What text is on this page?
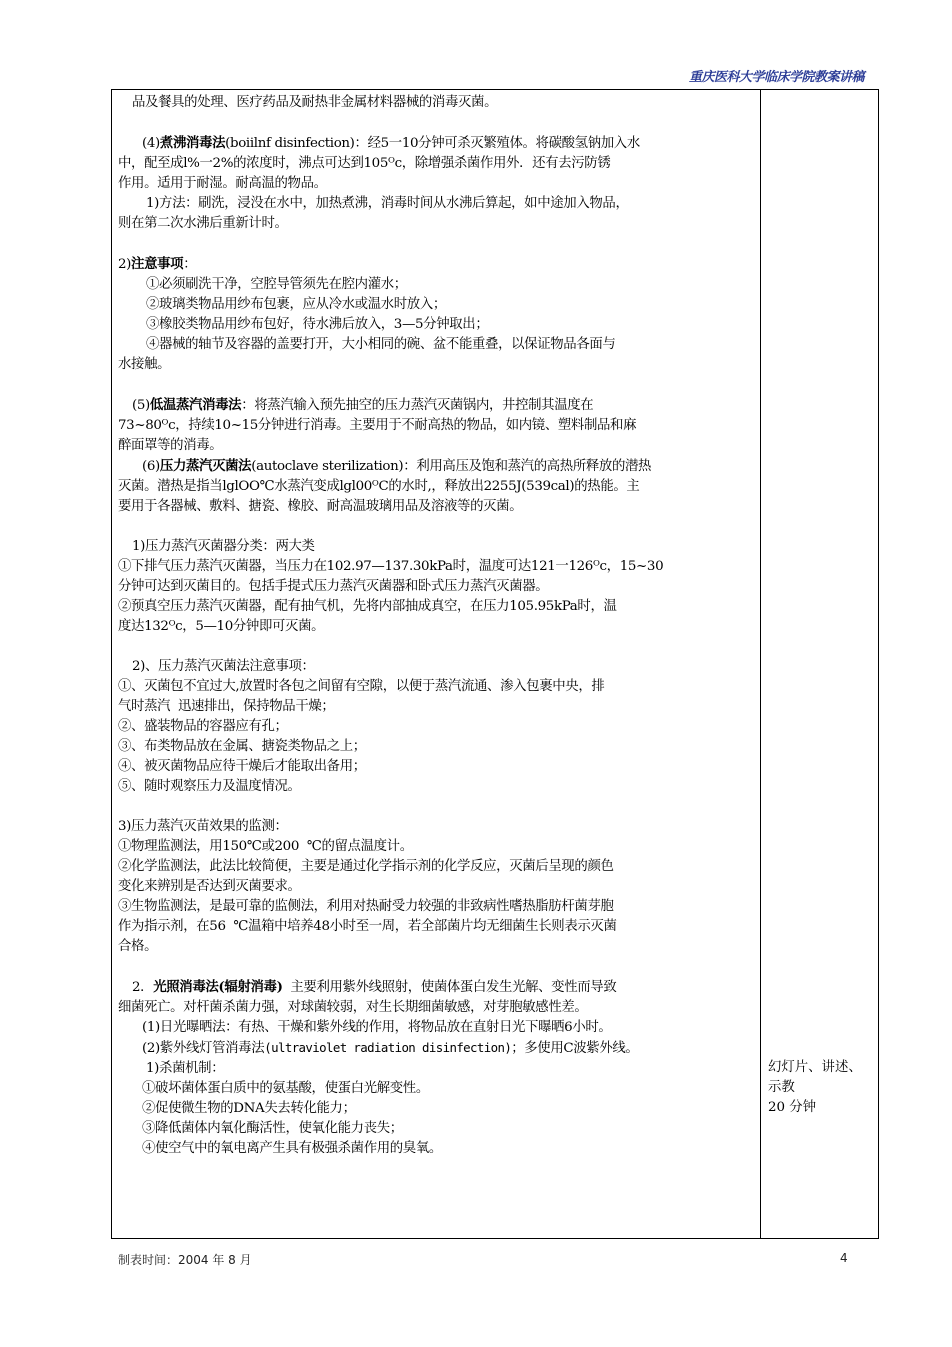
重庆医科大学临床学院教案讲稿

品及餐具的处理、医疗药品及耐热非金属材料器械的消毒灭菌。

(4)煮沸消毒法(boiilnf disinfection)：经5一10分钟可杀灭繁殖体。将碳酸氢钠加入水

中，配至成l%一2%的浓度时，沸点可达到105ᴼc，除增强杀菌作用外．还有去污防锈

作用。适用于耐湿。耐高温的物品。

1)方法：刷洗，浸没在水中，加热煮沸，消毒时间从水沸后算起，如中途加入物品，

则在第二次水沸后重新计时。

2)注意事项：

①必须刷洗干净，空腔导管须先在腔内灌水；

②玻璃类物品用纱布包裹，应从冷水或温水时放入；

③橡胶类物品用纱布包好，待水沸后放入，3—5分钟取出；

④器械的轴节及容器的盖要打开，大小相同的碗、盆不能重叠，以保证物品各面与

水接触。

(5)低温蒸汽消毒法：将蒸汽输入预先抽空的压力蒸汽灭菌锅内，井控制其温度在

73~80ᴼc，持续10~15分钟进行消毒。主要用于不耐高热的物品，如内镜、塑料制品和麻

醉面罩等的消毒。

(6)压力蒸汽灭菌法(autoclave sterilization)：利用高压及饱和蒸汽的高热所释放的潜热

灭菌。潜热是指当lglOO℃水蒸汽变成lgl00ᴼC的水时,，释放出2255J(539cal)的热能。主

要用于各器械、敷料、搪瓷、橡胶、耐高温玻璃用品及溶液等的灭菌。

1)压力蒸汽灭菌器分类：两大类

①下排气压力蒸汽灭菌器，当压力在102.97—137.30kPa时，温度可达121一126ᴼc，15~30

分钟可达到灭菌目的。包括手提式压力蒸汽灭菌器和卧式压力蒸汽灭菌器。

②预真空压力蒸汽灭菌器，配有抽气机，先将内部抽成真空，在压力105.95kPa时，温

度达132ᴼc，5—10分钟即可灭菌。

2)、压力蒸汽灭菌法注意事项：

①、灭菌包不宜过大,放置时各包之间留有空隙，以便于蒸汽流通、渗入包裹中央，排

气时蒸汽  迅速排出，保持物品干燥；

②、盛装物品的容器应有孔；

③、布类物品放在金属、搪瓷类物品之上；

④、被灭菌物品应待干燥后才能取出备用；

⑤、随时观察压力及温度情况。

3)压力蒸汽灭苗效果的监测：

①物理监测法，用150℃或200  ℃的留点温度计。

②化学监测法，此法比较简便，主要是通过化学指示剂的化学反应，灭菌后呈现的颜色

变化来辨别是否达到灭菌要求。

③生物监测法，是最可靠的监侧法，利用对热耐受力较强的非致病性嗜热脂肪杆菌芽胞

作为指示剂，在56  ℃温箱中培养48小时至一周，若全部菌片均无细菌生长则表示灭菌

合格。

2．光照消毒法(辐射消毒)  主要利用紫外线照射，使菌体蛋白发生光解、变性而导致

细菌死亡。对杆菌杀菌力强，对球菌较弱，对生长期细菌敏感，对芽胞敏感性差。

(1)日光曝晒法：有热、干燥和紫外线的作用，将物品放在直射日光下曝晒6小时。

(2)紫外线灯管消毒法(ultraviolet radiation disinfection)；多使用C波紫外线。

1)杀菌机制：

①破坏菌体蛋白质中的氨基酸，使蛋白光解变性。

②促使微生物的DNA失去转化能力；

③降低菌体内氧化酶活性，使氧化能力丧失；

④使空气中的氧电离产生具有极强杀菌作用的臭氧。

幻灯片、讲述、
示教
20 分钟
制表时间：2004 年 8 月	4
